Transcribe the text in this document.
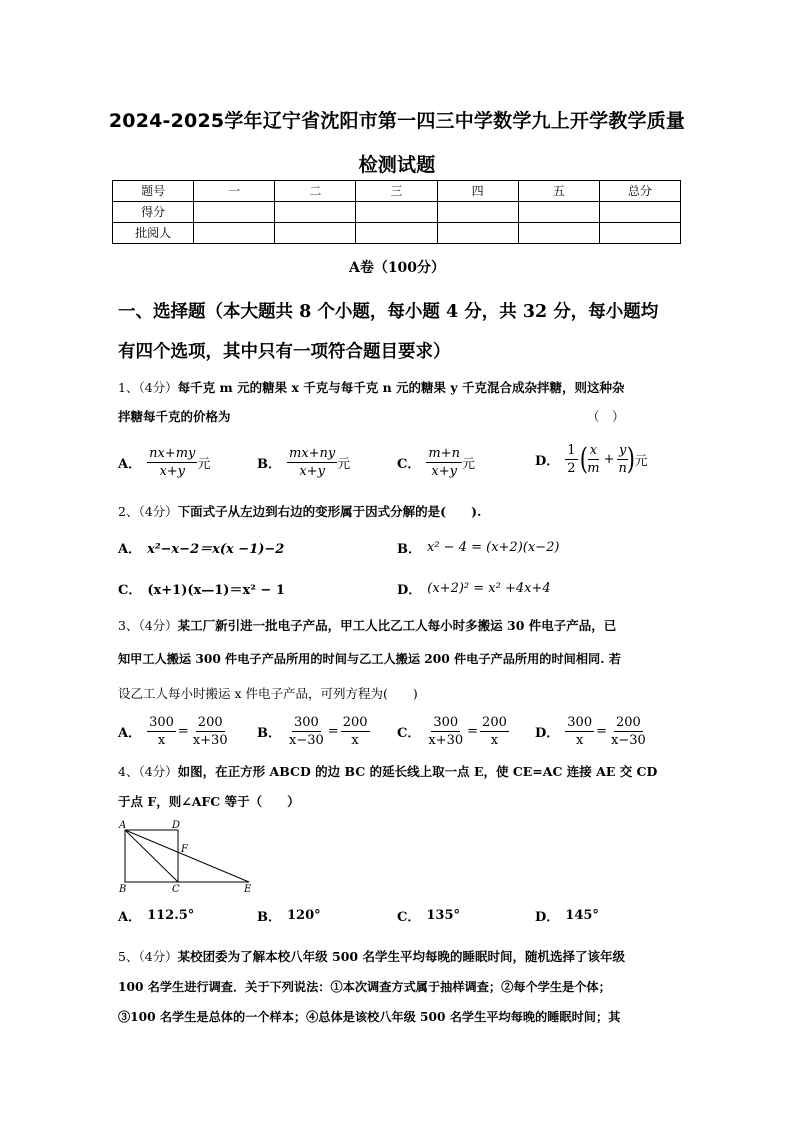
2024-2025学年辽宁省沈阳市第一四三中学数学九上开学教学质量
检测试题
题号	一	二	三	四	五	总分
得分						
批阅人						
A卷（100分）
一、选择题（本大题共 8 个小题，每小题 4 分，共 32 分，每小题均
有四个选项，其中只有一项符合题目要求）
1、（4分）每千克 m 元的糖果 x 千克与每千克 n 元的糖果 y 千克混合成杂拌糖，则这种杂
拌糖每千克的价格为	（　）
A． $\frac{nx+my}{x+y}$ 元	B． $\frac{mx+ny}{x+y}$ 元	C． $\frac{m+n}{x+y}$ 元	D． $\frac{1}{2}$ (
$\frac{x}{m} + \frac{y}{n}$
) 元
2、（4分）下面式子从左边到右边的变形属于因式分解的是(　　).
A． x²−x−2＝x(x −1)−2	B． x² − 4 = (x+2)(x−2)
C． (x+1)(x—1)＝x² − 1	D． (x+2)² = x² +4x+4
3、（4分）某工厂新引进一批电子产品，甲工人比乙工人每小时多搬运 30 件电子产品，已
知甲工人搬运 300 件电子产品所用的时间与乙工人搬运 200 件电子产品所用的时间相同. 若
设乙工人每小时搬运 x 件电子产品，可列方程为(　　)
A． $\frac{300}{x} = \frac{200}{x+30}$ B． $\frac{300}{x-30} = \frac{200}{x}$ C． $\frac{300}{x+30} = \frac{200}{x}$ D． $\frac{300}{x} = \frac{200}{x-30}$
4、（4分）如图，在正方形 ABCD 的边 BC 的延长线上取一点 E，使 CE=AC 连接 AE 交 CD
于点 F，则∠AFC 等于（　　）
A	D
F
B	C	E
A． 112.5°	B． 120°	C． 135°	D． 145°
5、（4分）某校团委为了解本校八年级 500 名学生平均每晚的睡眠时间，随机选择了该年级
100 名学生进行调查．关于下列说法：①本次调查方式属于抽样调查；②每个学生是个体；
③100 名学生是总体的一个样本；④总体是该校八年级 500 名学生平均每晚的睡眠时间；其
